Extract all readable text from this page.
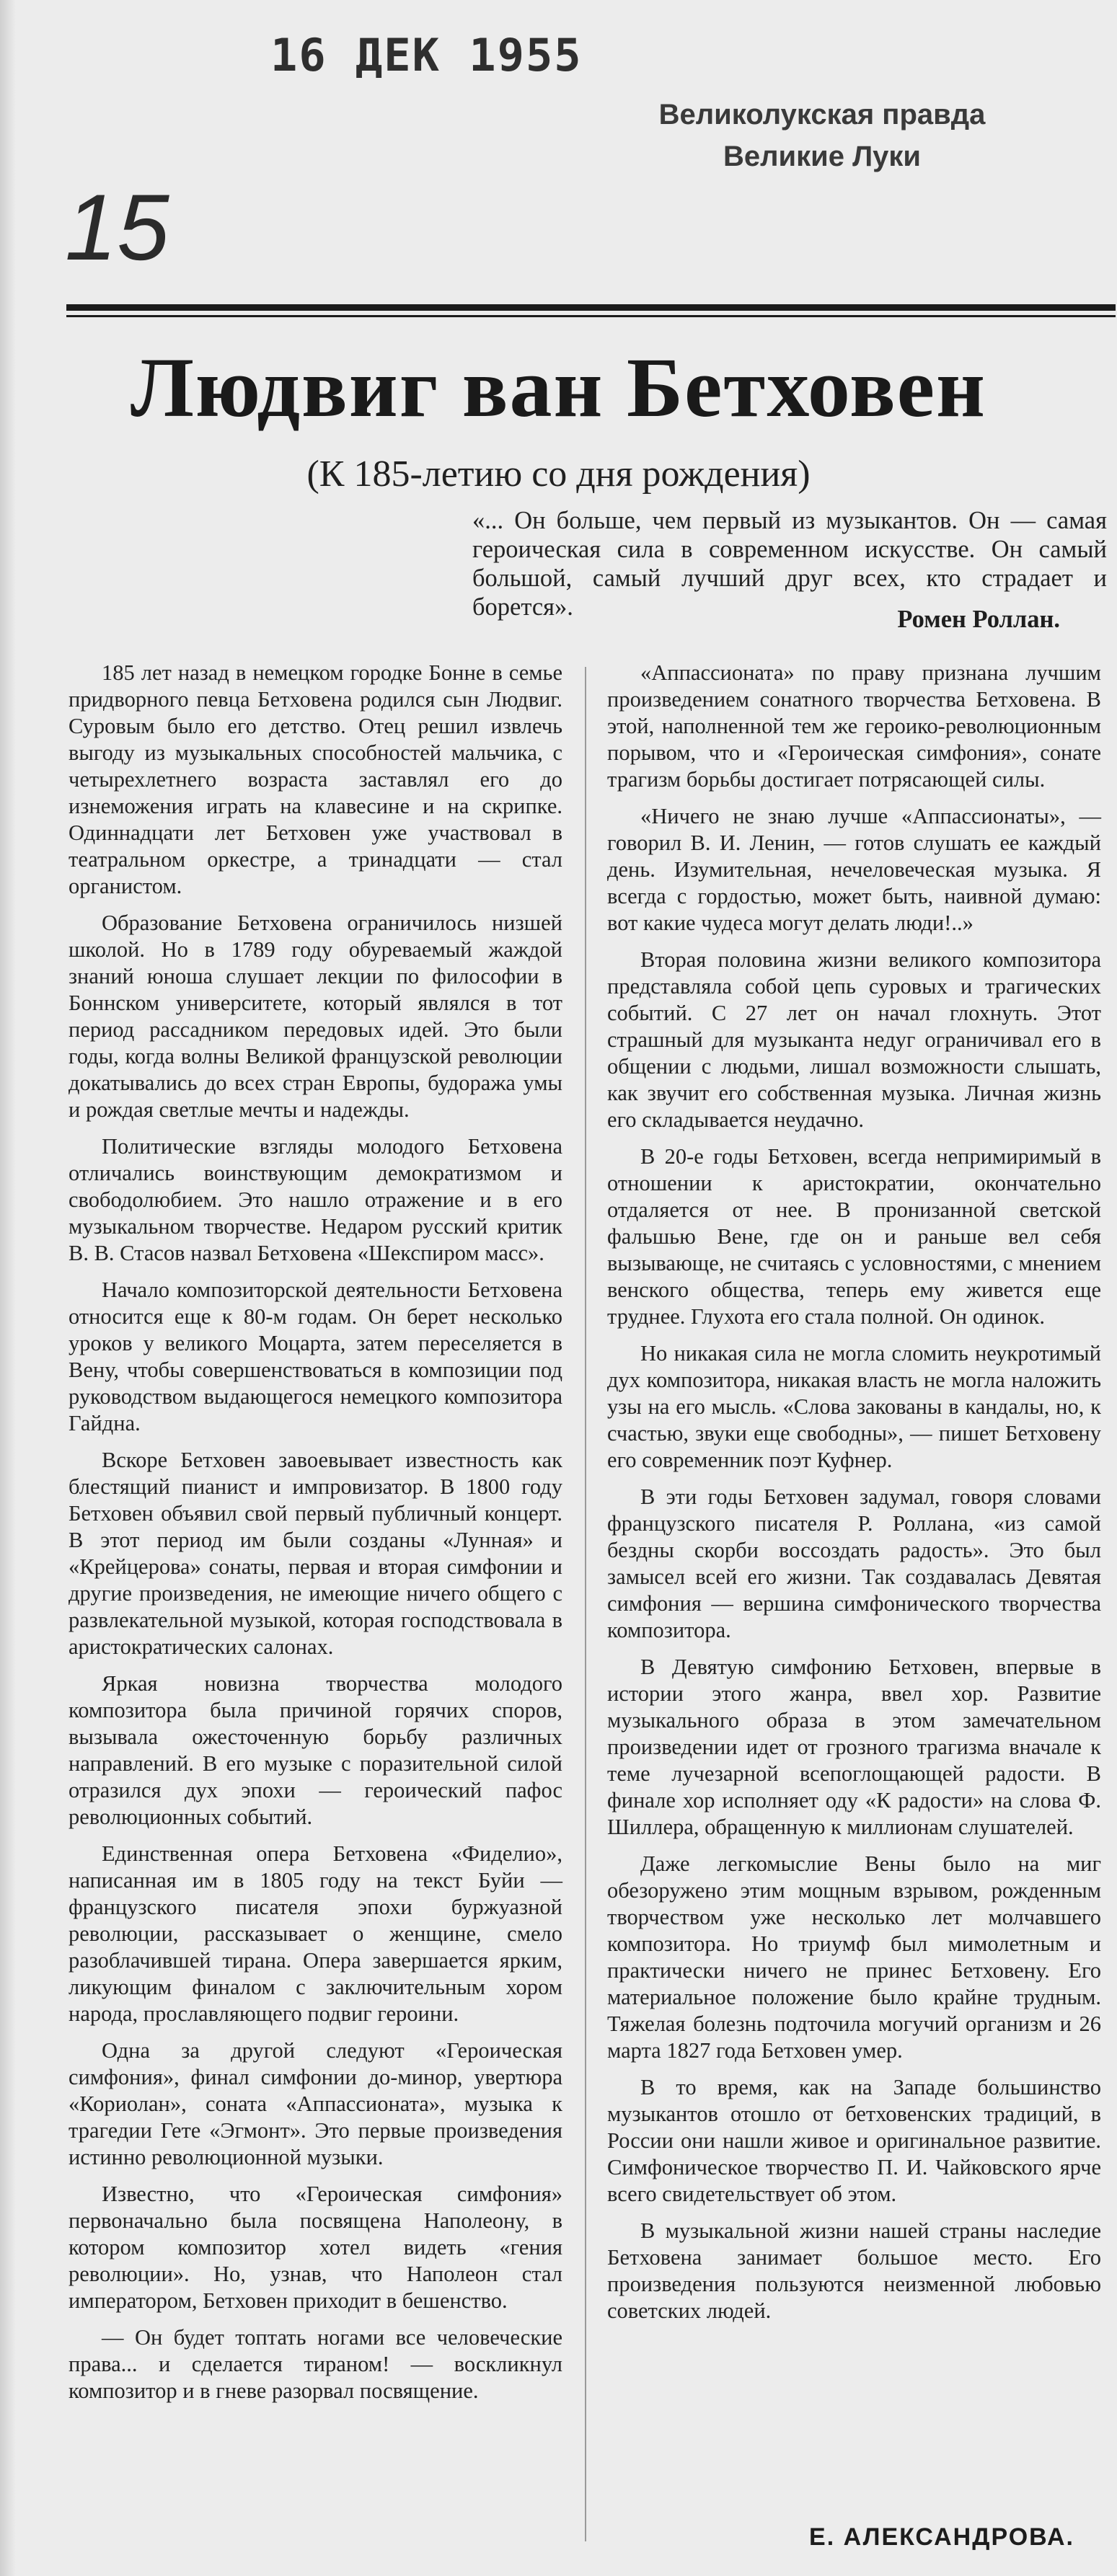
16 ДЕК 1955
Великолукская правда
Великие Луки
15
Людвиг ван Бетховен
(К 185-летию со дня рождения)
«... Он больше, чем первый из музыкантов. Он — самая героическая сила в современном искусстве. Он самый большой, самый лучший друг всех, кто страдает и борется».	Ромен Роллан.

185 лет назад в немецком городке Бонне в семье придворного певца Бетховена родился сын Людвиг. Суровым было его детство. Отец решил извлечь выгоду из музыкальных способностей мальчика, с четырехлетнего возраста заставлял его до изнеможения играть на клавесине и на скрипке. Одиннадцати лет Бетховен уже участвовал в театральном оркестре, а тринадцати — стал органистом.

Образование Бетховена ограничилось низшей школой. Но в 1789 году обуреваемый жаждой знаний юноша слушает лекции по философии в Боннском университете, который являлся в тот период рассадником передовых идей. Это были годы, когда волны Великой французской революции докатывались до всех стран Европы, будоража умы и рождая светлые мечты и надежды.

Политические взгляды молодого Бетховена отличались воинствующим демократизмом и свободолюбием. Это нашло отражение и в его музыкальном творчестве. Недаром русский критик В. В. Стасов назвал Бетховена «Шекспиром масс».

Начало композиторской деятельности Бетховена относится еще к 80-м годам. Он берет несколько уроков у великого Моцарта, затем переселяется в Вену, чтобы совершенствоваться в композиции под руководством выдающегося немецкого композитора Гайдна.

Вскоре Бетховен завоевывает известность как блестящий пианист и импровизатор. В 1800 году Бетховен объявил свой первый публичный концерт. В этот период им были созданы «Лунная» и «Крейцерова» сонаты, первая и вторая симфонии и другие произведения, не имеющие ничего общего с развлекательной музыкой, которая господствовала в аристократических салонах.

Яркая новизна творчества молодого композитора была причиной горячих споров, вызывала ожесточенную борьбу различных направлений. В его музыке с поразительной силой отразился дух эпохи — героический пафос революционных событий.

Единственная опера Бетховена «Фиделио», написанная им в 1805 году на текст Буйи — французского писателя эпохи буржуазной революции, рассказывает о женщине, смело разоблачившей тирана. Опера завершается ярким, ликующим финалом с заключительным хором народа, прославляющего подвиг героини.

Одна за другой следуют «Героическая симфония», финал симфонии до-минор, увертюра «Кориолан», соната «Аппассионата», музыка к трагедии Гете «Эгмонт». Это первые произведения истинно революционной музыки.

Известно, что «Героическая симфония» первоначально была посвящена Наполеону, в котором композитор хотел видеть «гения революции». Но, узнав, что Наполеон стал императором, Бетховен приходит в бешенство.

— Он будет топтать ногами все человеческие права... и сделается тираном! — воскликнул композитор и в гневе разорвал посвящение.

«Аппассионата» по праву признана лучшим произведением сонатного творчества Бетховена. В этой, наполненной тем же героико-революционным порывом, что и «Героическая симфония», сонате трагизм борьбы достигает потрясающей силы.

«Ничего не знаю лучше «Аппассионаты», — говорил В. И. Ленин, — готов слушать ее каждый день. Изумительная, нечеловеческая музыка. Я всегда с гордостью, может быть, наивной думаю: вот какие чудеса могут делать люди!..»

Вторая половина жизни великого композитора представляла собой цепь суровых и трагических событий. С 27 лет он начал глохнуть. Этот страшный для музыканта недуг ограничивал его в общении с людьми, лишал возможности слышать, как звучит его собственная музыка. Личная жизнь его складывается неудачно.

В 20-е годы Бетховен, всегда непримиримый в отношении к аристократии, окончательно отдаляется от нее. В пронизанной светской фальшью Вене, где он и раньше вел себя вызывающе, не считаясь с условностями, с мнением венского общества, теперь ему живется еще труднее. Глухота его стала полной. Он одинок.

Но никакая сила не могла сломить неукротимый дух композитора, никакая власть не могла наложить узы на его мысль. «Слова закованы в кандалы, но, к счастью, звуки еще свободны», — пишет Бетховену его современник поэт Куфнер.

В эти годы Бетховен задумал, говоря словами французского писателя Р. Роллана, «из самой бездны скорби воссоздать радость». Это был замысел всей его жизни. Так создавалась Девятая симфония — вершина симфонического творчества композитора.

В Девятую симфонию Бетховен, впервые в истории этого жанра, ввел хор. Развитие музыкального образа в этом замечательном произведении идет от грозного трагизма вначале к теме лучезарной всепоглощающей радости. В финале хор исполняет оду «К радости» на слова Ф. Шиллера, обращенную к миллионам слушателей.

Даже легкомыслие Вены было на миг обезоружено этим мощным взрывом, рожденным творчеством уже несколько лет молчавшего композитора. Но триумф был мимолетным и практически ничего не принес Бетховену. Его материальное положение было крайне трудным. Тяжелая болезнь подточила могучий организм и 26 марта 1827 года Бетховен умер.

В то время, как на Западе большинство музыкантов отошло от бетховенских традиций, в России они нашли живое и оригинальное развитие. Симфоническое творчество П. И. Чайковского ярче всего свидетельствует об этом.

В музыкальной жизни нашей страны наследие Бетховена занимает большое место. Его произведения пользуются неизменной любовью советских людей.

Е. АЛЕКСАНДРОВА.
